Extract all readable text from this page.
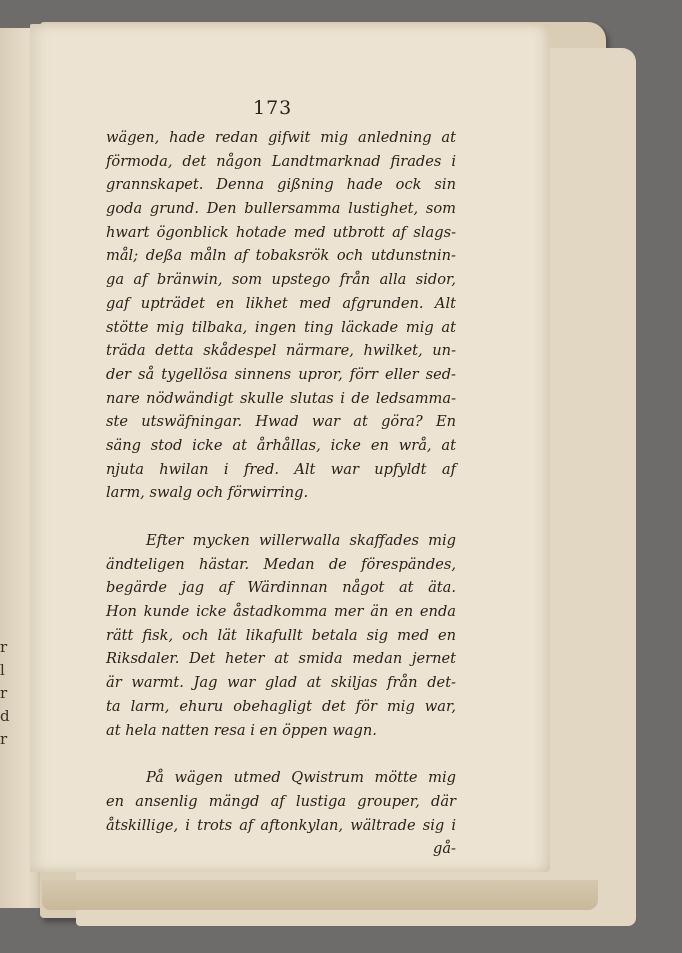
r
l
r
d
r
173
wägen, hade redan gifwit mig anledning at
förmoda, det någon Landtmarknad firades i
grannskapet. Denna gißning hade ock sin
goda grund. Den bullersamma lustighet, som
hwart ögonblick hotade med utbrott af slags-
mål; deßa måln af tobaksrök och utdunstnin-
ga af bränwin, som upstego från alla sidor,
gaf upträdet en likhet med afgrunden. Alt
stötte mig tilbaka, ingen ting läckade mig at
träda detta skådespel närmare, hwilket, un-
der så tygellösa sinnens upror, förr eller sed-
nare nödwändigt skulle slutas i de ledsamma-
ste utswäfningar. Hwad war at göra? En
säng stod icke at århållas, icke en wrå, at
njuta hwilan i fred. Alt war upfyldt af
larm, swalg och förwirring.
Efter mycken willerwalla skaffades mig
ändteligen hästar. Medan de förespändes,
begärde jag af Wärdinnan något at äta.
Hon kunde icke åstadkomma mer än en enda
rätt fisk, och lät likafullt betala sig med en
Riksdaler. Det heter at smida medan jernet
är warmt. Jag war glad at skiljas från det-
ta larm, ehuru obehagligt det för mig war,
at hela natten resa i en öppen wagn.
På wägen utmed Qwistrum mötte mig
en ansenlig mängd af lustiga grouper, där
åtskillige, i trots af aftonkylan, wältrade sig i
gå-
